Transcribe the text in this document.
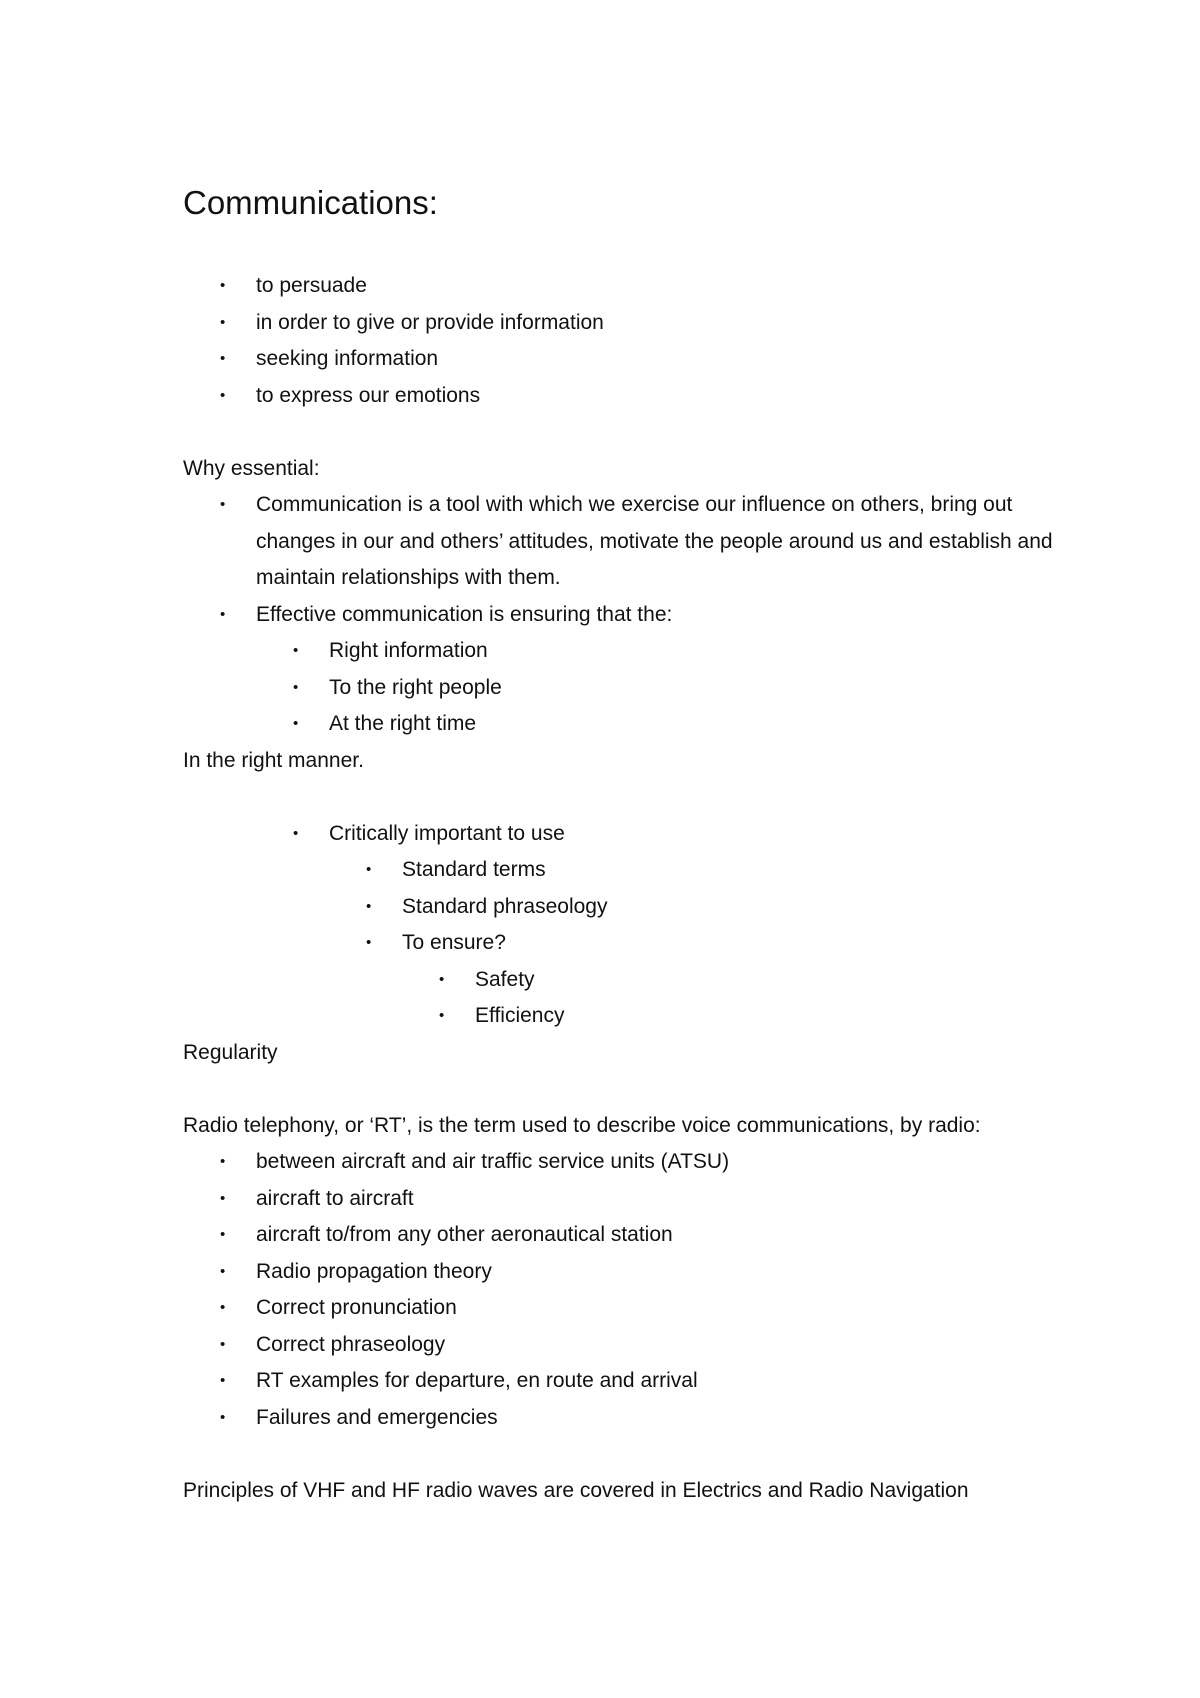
Communications:
• to persuade
• in order to give or provide information
• seeking information
• to express our emotions

Why essential:

• Communication is a tool with which we exercise our influence on others, bring out changes in our and others’ attitudes, motivate the people around us and establish and maintain relationships with them.
• Effective communication is ensuring that the:
• Right information
• To the right people
• At the right time

In the right manner.

• Critically important to use
• Standard terms
• Standard phraseology
• To ensure?
• Safety
• Efficiency

Regularity

Radio telephony, or ‘RT’, is the term used to describe voice communications, by radio:

• between aircraft and air traffic service units (ATSU)
• aircraft to aircraft
• aircraft to/from any other aeronautical station
• Radio propagation theory
• Correct pronunciation
• Correct phraseology
• RT examples for departure, en route and arrival
• Failures and emergencies

Principles of VHF and HF radio waves are covered in Electrics and Radio Navigation
